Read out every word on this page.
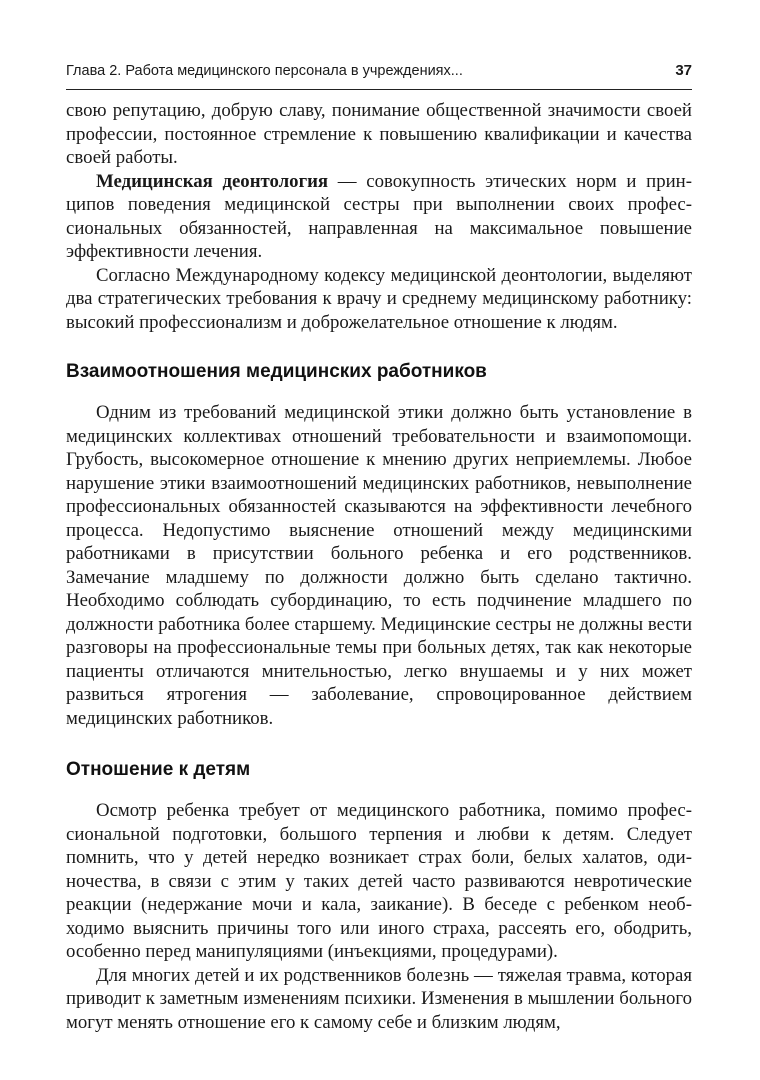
Глава 2. Работа медицинского персонала в учреждениях...	37

свою репутацию, добрую славу, понимание общественной значимости своей профессии, постоянное стремление к повышению квалификации и качества своей работы.

Медицинская деонтология — совокупность этических норм и принципов поведения медицинской сестры при выполнении своих профессиональных обязанностей, направленная на максимальное повышение эффективности лечения.

Согласно Международному кодексу медицинской деонтологии, выделяют два стратегических требования к врачу и среднему медицинскому работнику: высокий профессионализм и доброжелательное отношение к людям.

Взаимоотношения медицинских работников

Одним из требований медицинской этики должно быть установление в медицинских коллективах отношений требовательности и взаимопомощи. Грубость, высокомерное отношение к мнению других неприемлемы. Любое нарушение этики взаимоотношений медицинских работников, невыполнение профессиональных обязанностей сказываются на эффективности лечебного процесса. Недопустимо выяснение отношений между медицинскими работниками в присутствии больного ребенка и его родственников. Замечание младшему по должности должно быть сделано тактично. Необходимо соблюдать субординацию, то есть подчинение младшего по должности работника более старшему. Медицинские сестры не должны вести разговоры на профессиональные темы при больных детях, так как некоторые пациенты отличаются мнительностью, легко внушаемы и у них может развиться ятрогения — заболевание, спровоцированное действием медицинских работников.

Отношение к детям

Осмотр ребенка требует от медицинского работника, помимо профессиональной подготовки, большого терпения и любви к детям. Следует помнить, что у детей нередко возникает страх боли, белых халатов, одиночества, в связи с этим у таких детей часто развиваются невротические реакции (недержание мочи и кала, заикание). В беседе с ребенком необходимо выяснить причины того или иного страха, рассеять его, ободрить, особенно перед манипуляциями (инъекциями, процедурами).

Для многих детей и их родственников болезнь — тяжелая травма, которая приводит к заметным изменениям психики. Изменения в мышлении больного могут менять отношение его к самому себе и близким людям,
